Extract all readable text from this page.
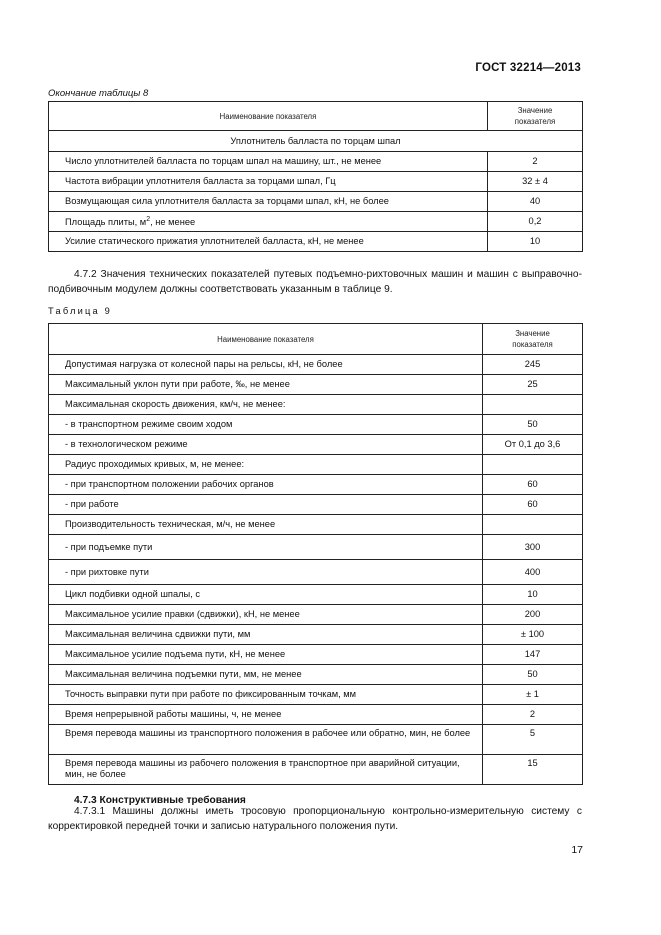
ГОСТ 32214—2013
Окончание таблицы 8
Наименование показателя	Значение показателя
Уплотнитель балласта по торцам шпал	
Число уплотнителей балласта по торцам шпал на машину, шт., не менее	2
Частота вибрации уплотнителя балласта за торцами шпал, Гц	32 ± 4
Возмущающая сила уплотнителя балласта за торцами шпал, кН, не более	40
Площадь плиты, $м^2$, не менее	0,2
Усилие статического прижатия уплотнителей балласта, кН, не менее	10
4.7.2 Значения технических показателей путевых подъемно-рихтовочных машин и машин с выправочно-подбивочным модулем должны соответствовать указанным в таблице 9.
Таблица 9
Наименование показателя	Значение показателя
Допустимая нагрузка от колесной пары на рельсы, кН, не более	245
Максимальный уклон пути при работе, ‰, не менее	25
Максимальная скорость движения, км/ч, не менее:	
- в транспортном режиме своим ходом	50
- в технологическом режиме	От 0,1 до 3,6
Радиус проходимых кривых, м, не менее:	
- при транспортном положении рабочих органов	60
- при работе	60
Производительность техническая, м/ч, не менее	
- при подъемке пути	300
- при рихтовке пути	400
Цикл подбивки одной шпалы, с	10
Максимальное усилие правки (сдвижки), кН, не менее	200
Максимальная величина сдвижки пути, мм	± 100
Максимальное усилие подъема пути, кН, не менее	147
Максимальная величина подъемки пути, мм, не менее	50
Точность выправки пути при работе по фиксированным точкам, мм	± 1
Время непрерывной работы машины, ч, не менее	2
Время перевода машины из транспортного положения в рабочее или обратно, мин, не более	5
Время перевода машины из рабочего положения в транспортное при аварийной ситуации, мин, не более	15
4.7.3 Конструктивные требования
4.7.3.1 Машины должны иметь тросовую пропорциональную контрольно-измерительную систему с корректировкой передней точки и записью натурального положения пути.
17
